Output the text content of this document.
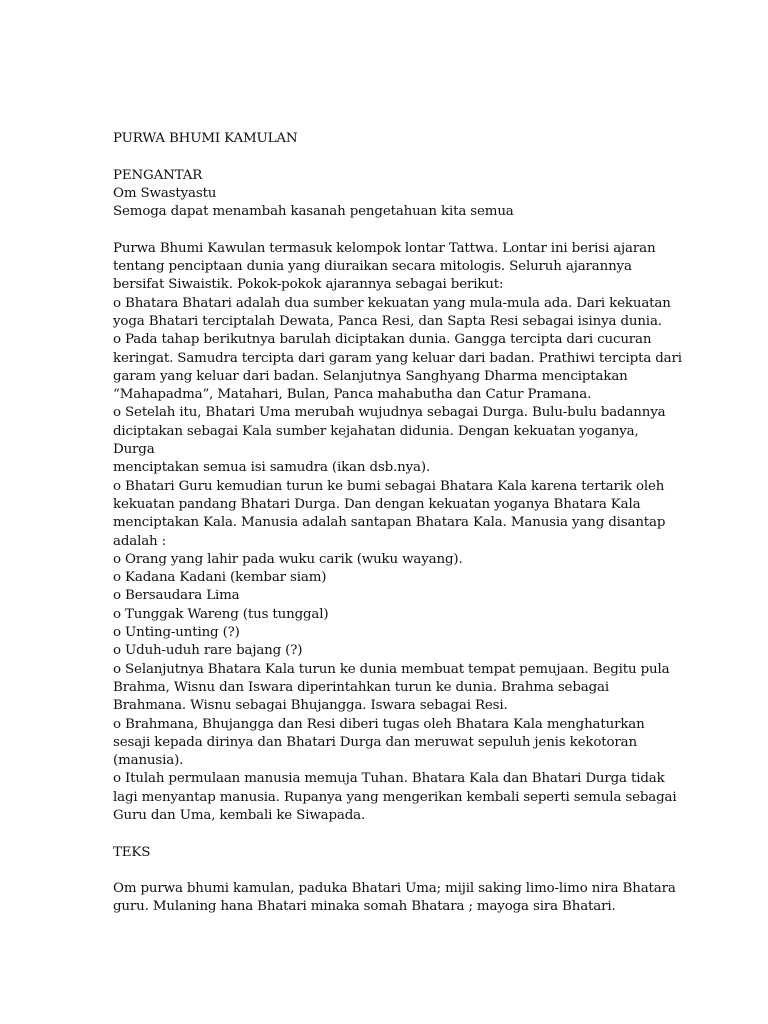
PURWA BHUMI KAMULAN
PENGANTAR
Om Swastyastu
Semoga dapat menambah kasanah pengetahuan kita semua
Purwa Bhumi Kawulan termasuk kelompok lontar Tattwa. Lontar ini berisi ajaran
tentang penciptaan dunia yang diuraikan secara mitologis. Seluruh ajarannya
bersifat Siwaistik. Pokok-pokok ajarannya sebagai berikut:
o Bhatara Bhatari adalah dua sumber kekuatan yang mula-mula ada. Dari kekuatan
yoga Bhatari terciptalah Dewata, Panca Resi, dan Sapta Resi sebagai isinya dunia.
o Pada tahap berikutnya barulah diciptakan dunia. Gangga tercipta dari cucuran
keringat. Samudra tercipta dari garam yang keluar dari badan. Prathiwi tercipta dari
garam yang keluar dari badan. Selanjutnya Sanghyang Dharma menciptakan
“Mahapadma”, Matahari, Bulan, Panca mahabutha dan Catur Pramana.
o Setelah itu, Bhatari Uma merubah wujudnya sebagai Durga. Bulu-bulu badannya
diciptakan sebagai Kala sumber kejahatan didunia. Dengan kekuatan yoganya,
Durga
menciptakan semua isi samudra (ikan dsb.nya).
o Bhatari Guru kemudian turun ke bumi sebagai Bhatara Kala karena tertarik oleh
kekuatan pandang Bhatari Durga. Dan dengan kekuatan yoganya Bhatara Kala
menciptakan Kala. Manusia adalah santapan Bhatara Kala. Manusia yang disantap
adalah :
o Orang yang lahir pada wuku carik (wuku wayang).
o Kadana Kadani (kembar siam)
o Bersaudara Lima
o Tunggak Wareng (tus tunggal)
o Unting-unting (?)
o Uduh-uduh rare bajang (?)
o Selanjutnya Bhatara Kala turun ke dunia membuat tempat pemujaan. Begitu pula
Brahma, Wisnu dan Iswara diperintahkan turun ke dunia. Brahma sebagai
Brahmana. Wisnu sebagai Bhujangga. Iswara sebagai Resi.
o Brahmana, Bhujangga dan Resi diberi tugas oleh Bhatara Kala menghaturkan
sesaji kepada dirinya dan Bhatari Durga dan meruwat sepuluh jenis kekotoran
(manusia).
o Itulah permulaan manusia memuja Tuhan. Bhatara Kala dan Bhatari Durga tidak
lagi menyantap manusia. Rupanya yang mengerikan kembali seperti semula sebagai
Guru dan Uma, kembali ke Siwapada.
TEKS
Om purwa bhumi kamulan, paduka Bhatari Uma; mijil saking limo-limo nira Bhatara
guru. Mulaning hana Bhatari minaka somah Bhatara ; mayoga sira Bhatari.
